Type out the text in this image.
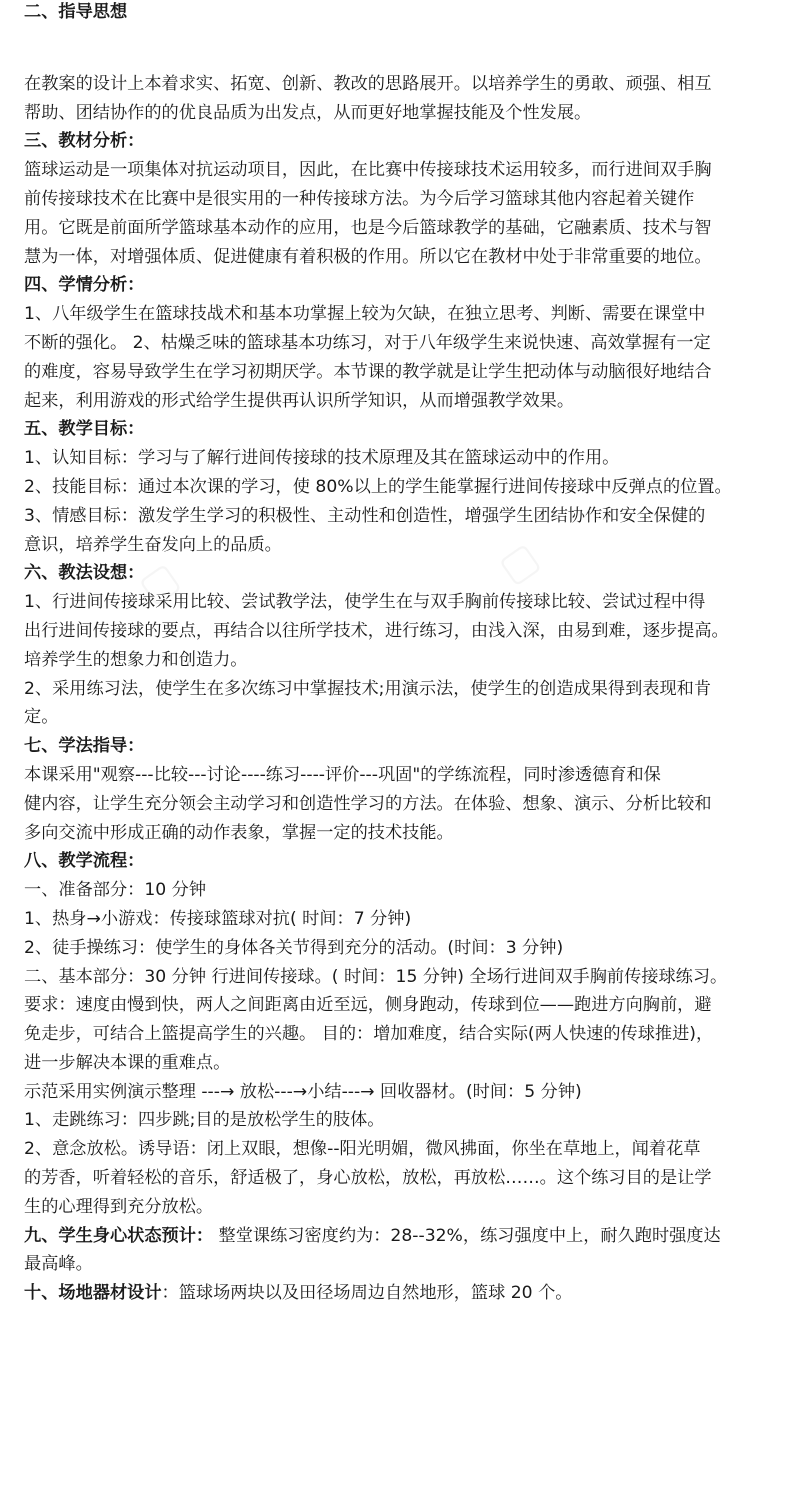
二、指导思想
在教案的设计上本着求实、拓宽、创新、教改的思路展开。以培养学生的勇敢、顽强、相互
帮助、团结协作的的优良品质为出发点，从而更好地掌握技能及个性发展。
三、教材分析：
篮球运动是一项集体对抗运动项目，因此，在比赛中传接球技术运用较多，而行进间双手胸
前传接球技术在比赛中是很实用的一种传接球方法。为今后学习篮球其他内容起着关键作
用。它既是前面所学篮球基本动作的应用，也是今后篮球教学的基础，它融素质、技术与智
慧为一体，对增强体质、促进健康有着积极的作用。所以它在教材中处于非常重要的地位。
四、学情分析：
1、八年级学生在篮球技战术和基本功掌握上较为欠缺，在独立思考、判断、需要在课堂中
不断的强化。 2、枯燥乏味的篮球基本功练习，对于八年级学生来说快速、高效掌握有一定
的难度，容易导致学生在学习初期厌学。本节课的教学就是让学生把动体与动脑很好地结合
起来，利用游戏的形式给学生提供再认识所学知识，从而增强教学效果。
五、教学目标：
1、认知目标：学习与了解行进间传接球的技术原理及其在篮球运动中的作用。
2、技能目标：通过本次课的学习，使 80%以上的学生能掌握行进间传接球中反弹点的位置。
3、情感目标：激发学生学习的积极性、主动性和创造性，增强学生团结协作和安全保健的
意识，培养学生奋发向上的品质。
六、教法设想：
1、行进间传接球采用比较、尝试教学法，使学生在与双手胸前传接球比较、尝试过程中得
出行进间传接球的要点，再结合以往所学技术，进行练习，由浅入深，由易到难，逐步提高。
培养学生的想象力和创造力。
2、采用练习法，使学生在多次练习中掌握技术;用演示法，使学生的创造成果得到表现和肯
定。
七、学法指导：
本课采用"观察---比较---讨论----练习----评价---巩固"的学练流程，同时渗透德育和保
健内容，让学生充分领会主动学习和创造性学习的方法。在体验、想象、演示、分析比较和
多向交流中形成正确的动作表象，掌握一定的技术技能。
八、教学流程：
一、准备部分：10 分钟
1、热身→小游戏：传接球篮球对抗( 时间：7 分钟)
2、徒手操练习：使学生的身体各关节得到充分的活动。(时间：3 分钟)
二、基本部分：30 分钟 行进间传接球。( 时间：15 分钟) 全场行进间双手胸前传接球练习。
要求：速度由慢到快，两人之间距离由近至远，侧身跑动，传球到位——跑进方向胸前，避
免走步，可结合上篮提高学生的兴趣。 目的：增加难度，结合实际(两人快速的传球推进)，
进一步解决本课的重难点。
示范采用实例演示整理 ---→ 放松---→小结---→ 回收器材。(时间：5 分钟)
1、走跳练习：四步跳;目的是放松学生的肢体。
2、意念放松。诱导语：闭上双眼，想像--阳光明媚，微风拂面，你坐在草地上，闻着花草
的芳香，听着轻松的音乐，舒适极了，身心放松，放松，再放松……。这个练习目的是让学
生的心理得到充分放松。
九、学生身心状态预计： 整堂课练习密度约为：28--32%，练习强度中上，耐久跑时强度达
最高峰。
十、场地器材设计：篮球场两块以及田径场周边自然地形，篮球 20 个。
